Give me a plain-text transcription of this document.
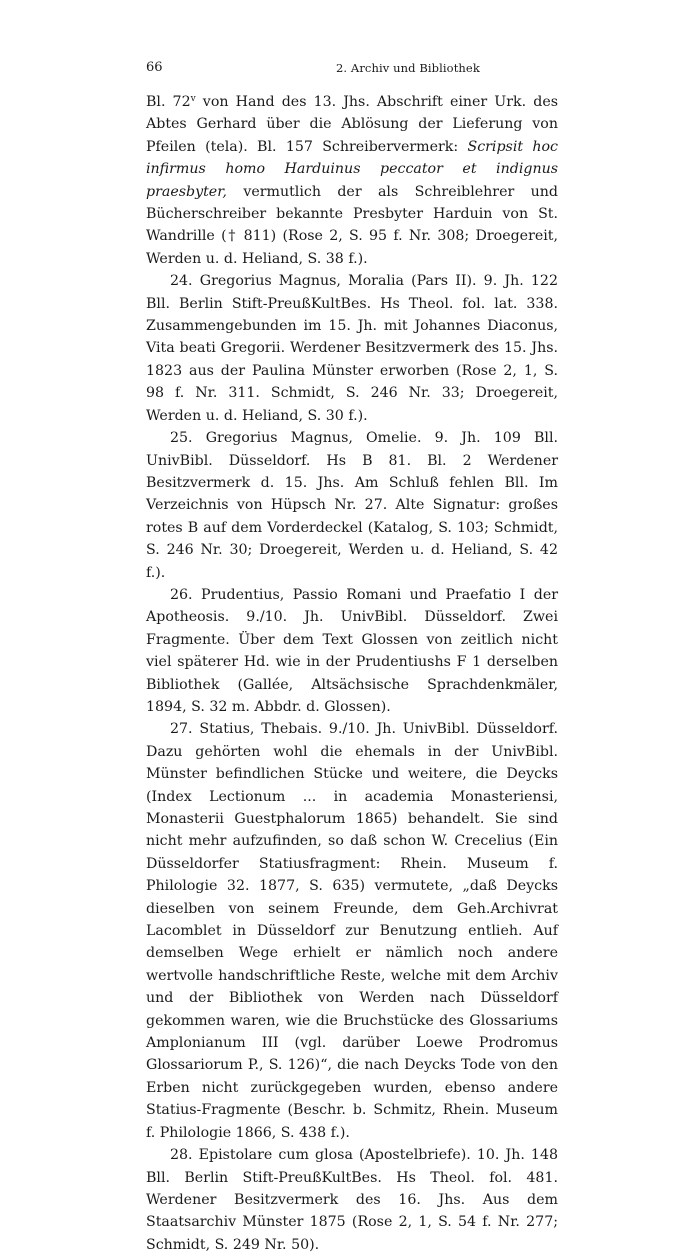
66	2. Archiv und Bibliothek

Bl. 72$^v$ von Hand des 13. Jhs. Abschrift einer Urk. des Abtes Gerhard über die Ablösung der Lieferung von Pfeilen (tela). Bl. 157 Schreibervermerk: Scripsit hoc infirmus homo Harduinus peccator et indignus praesbyter, vermutlich der als Schreiblehrer und Bücherschreiber bekannte Presbyter Harduin von St. Wandrille († 811) (Rose 2, S. 95 f. Nr. 308; Droegereit, Werden u. d. Heliand, S. 38 f.).

24. Gregorius Magnus, Moralia (Pars II). 9. Jh. 122 Bll. Berlin Stift-PreußKultBes. Hs Theol. fol. lat. 338. Zusammengebunden im 15. Jh. mit Johannes Diaconus, Vita beati Gregorii. Werdener Besitzvermerk des 15. Jhs. 1823 aus der Paulina Münster erworben (Rose 2, 1, S. 98 f. Nr. 311. Schmidt, S. 246 Nr. 33; Droegereit, Werden u. d. Heliand, S. 30 f.).

25. Gregorius Magnus, Omelie. 9. Jh. 109 Bll. UnivBibl. Düsseldorf. Hs B 81. Bl. 2 Werdener Besitzvermerk d. 15. Jhs. Am Schluß fehlen Bll. Im Verzeichnis von Hüpsch Nr. 27. Alte Signatur: großes rotes B auf dem Vorderdeckel (Katalog, S. 103; Schmidt, S. 246 Nr. 30; Droegereit, Werden u. d. Heliand, S. 42 f.).

26. Prudentius, Passio Romani und Praefatio I der Apotheosis. 9./10. Jh. UnivBibl. Düsseldorf. Zwei Fragmente. Über dem Text Glossen von zeitlich nicht viel späterer Hd. wie in der Prudentiushs F 1 derselben Bibliothek (Gallée, Altsächsische Sprachdenkmäler, 1894, S. 32 m. Abbdr. d. Glossen).

27. Statius, Thebais. 9./10. Jh. UnivBibl. Düsseldorf. Dazu gehörten wohl die ehemals in der UnivBibl. Münster befindlichen Stücke und weitere, die Deycks (Index Lectionum ... in academia Monasteriensi, Monasterii Guestphalorum 1865) behandelt. Sie sind nicht mehr aufzufinden, so daß schon W. Crecelius (Ein Düsseldorfer Statiusfragment: Rhein. Museum f. Philologie 32. 1877, S. 635) vermutete, „daß Deycks dieselben von seinem Freunde, dem Geh.Archivrat Lacomblet in Düsseldorf zur Benutzung entlieh. Auf demselben Wege erhielt er nämlich noch andere wertvolle handschriftliche Reste, welche mit dem Archiv und der Bibliothek von Werden nach Düsseldorf gekommen waren, wie die Bruchstücke des Glossariums Amplonianum III (vgl. darüber Loewe Prodromus Glossariorum P., S. 126)“, die nach Deycks Tode von den Erben nicht zurückgegeben wurden, ebenso andere Statius-Fragmente (Beschr. b. Schmitz, Rhein. Museum f. Philologie 1866, S. 438 f.).

28. Epistolare cum glosa (Apostelbriefe). 10. Jh. 148 Bll. Berlin Stift-PreußKultBes. Hs Theol. fol. 481. Werdener Besitzvermerk des 16. Jhs. Aus dem Staatsarchiv Münster 1875 (Rose 2, 1, S. 54 f. Nr. 277; Schmidt, S. 249 Nr. 50).
